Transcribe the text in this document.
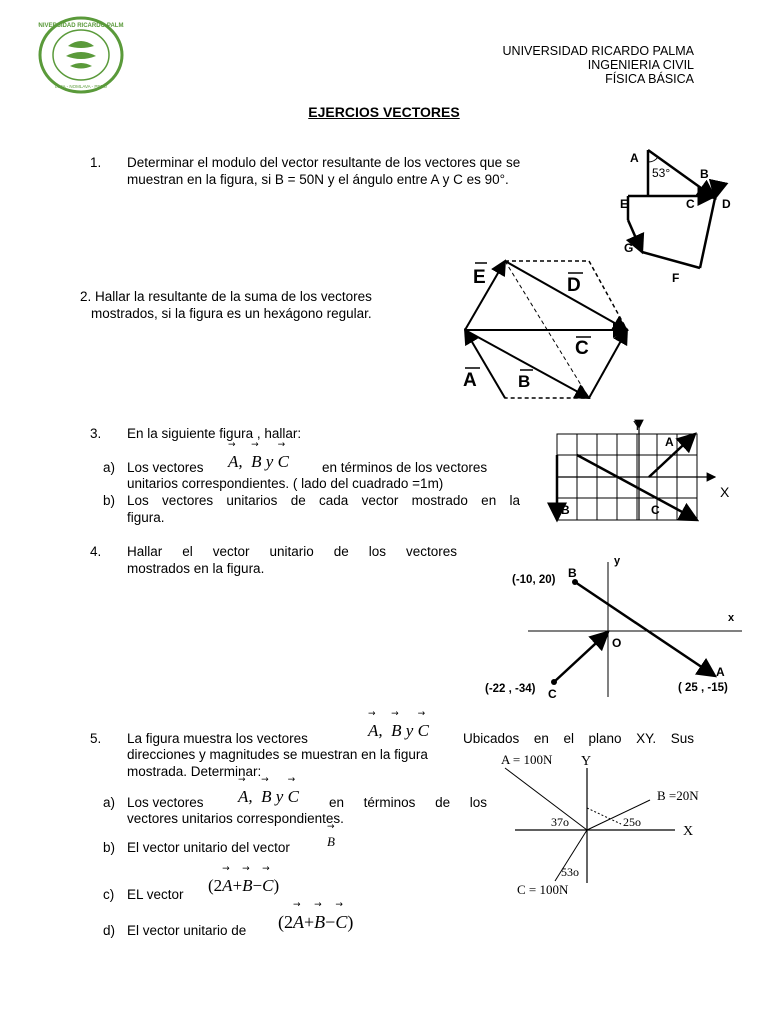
UNIVERSIDAD RICARDO PALMA
LIMA - NOMLAVA - PERÚ
UNIVERSIDAD RICARDO PALMA
INGENIERIA CIVIL
FÍSICA BÁSICA
EJERCIOS VECTORES
1. Determinar el modulo del vector resultante de los vectores que se
muestran en la figura, si B = 50N y el ángulo entre A y C es 90°.
A
53° B
C D
E
G
F
2. Hallar la resultante de la suma de los vectores
mostrados, si la figura es un hexágono regular.
E	D
C
B
A
3. En la siguiente figura , hallar:
a) Los vectores → A, → B y → C en términos de los vectores
unitarios correspondientes. ( lado del cuadrado =1m)
b) Los vectores unitarios de cada vector mostrado en la
figura.
Y
X
A
B	C
4. Hallar el vector unitario de los vectores
mostrados en la figura.	y
x
O
B
(-10, 20)
A
( 25 , -15)
C
(-22 , -34)
5. La figura muestra los vectores	→ A, → B y → C	Ubicados en el plano XY. Sus
direcciones y magnitudes se muestran en la figura
mostrada. Determinar:
a) Los vectores → A, → B y → C en términos de los
vectores unitarios correspondientes.
b) El vector unitario del vector	→ B
c) EL vector (2→ A+→ B−→ C)
d) El vector unitario de (2→ A+→ B−→ C)
A = 100N Y
B =20N
X
37o	25o
53o
C = 100N
